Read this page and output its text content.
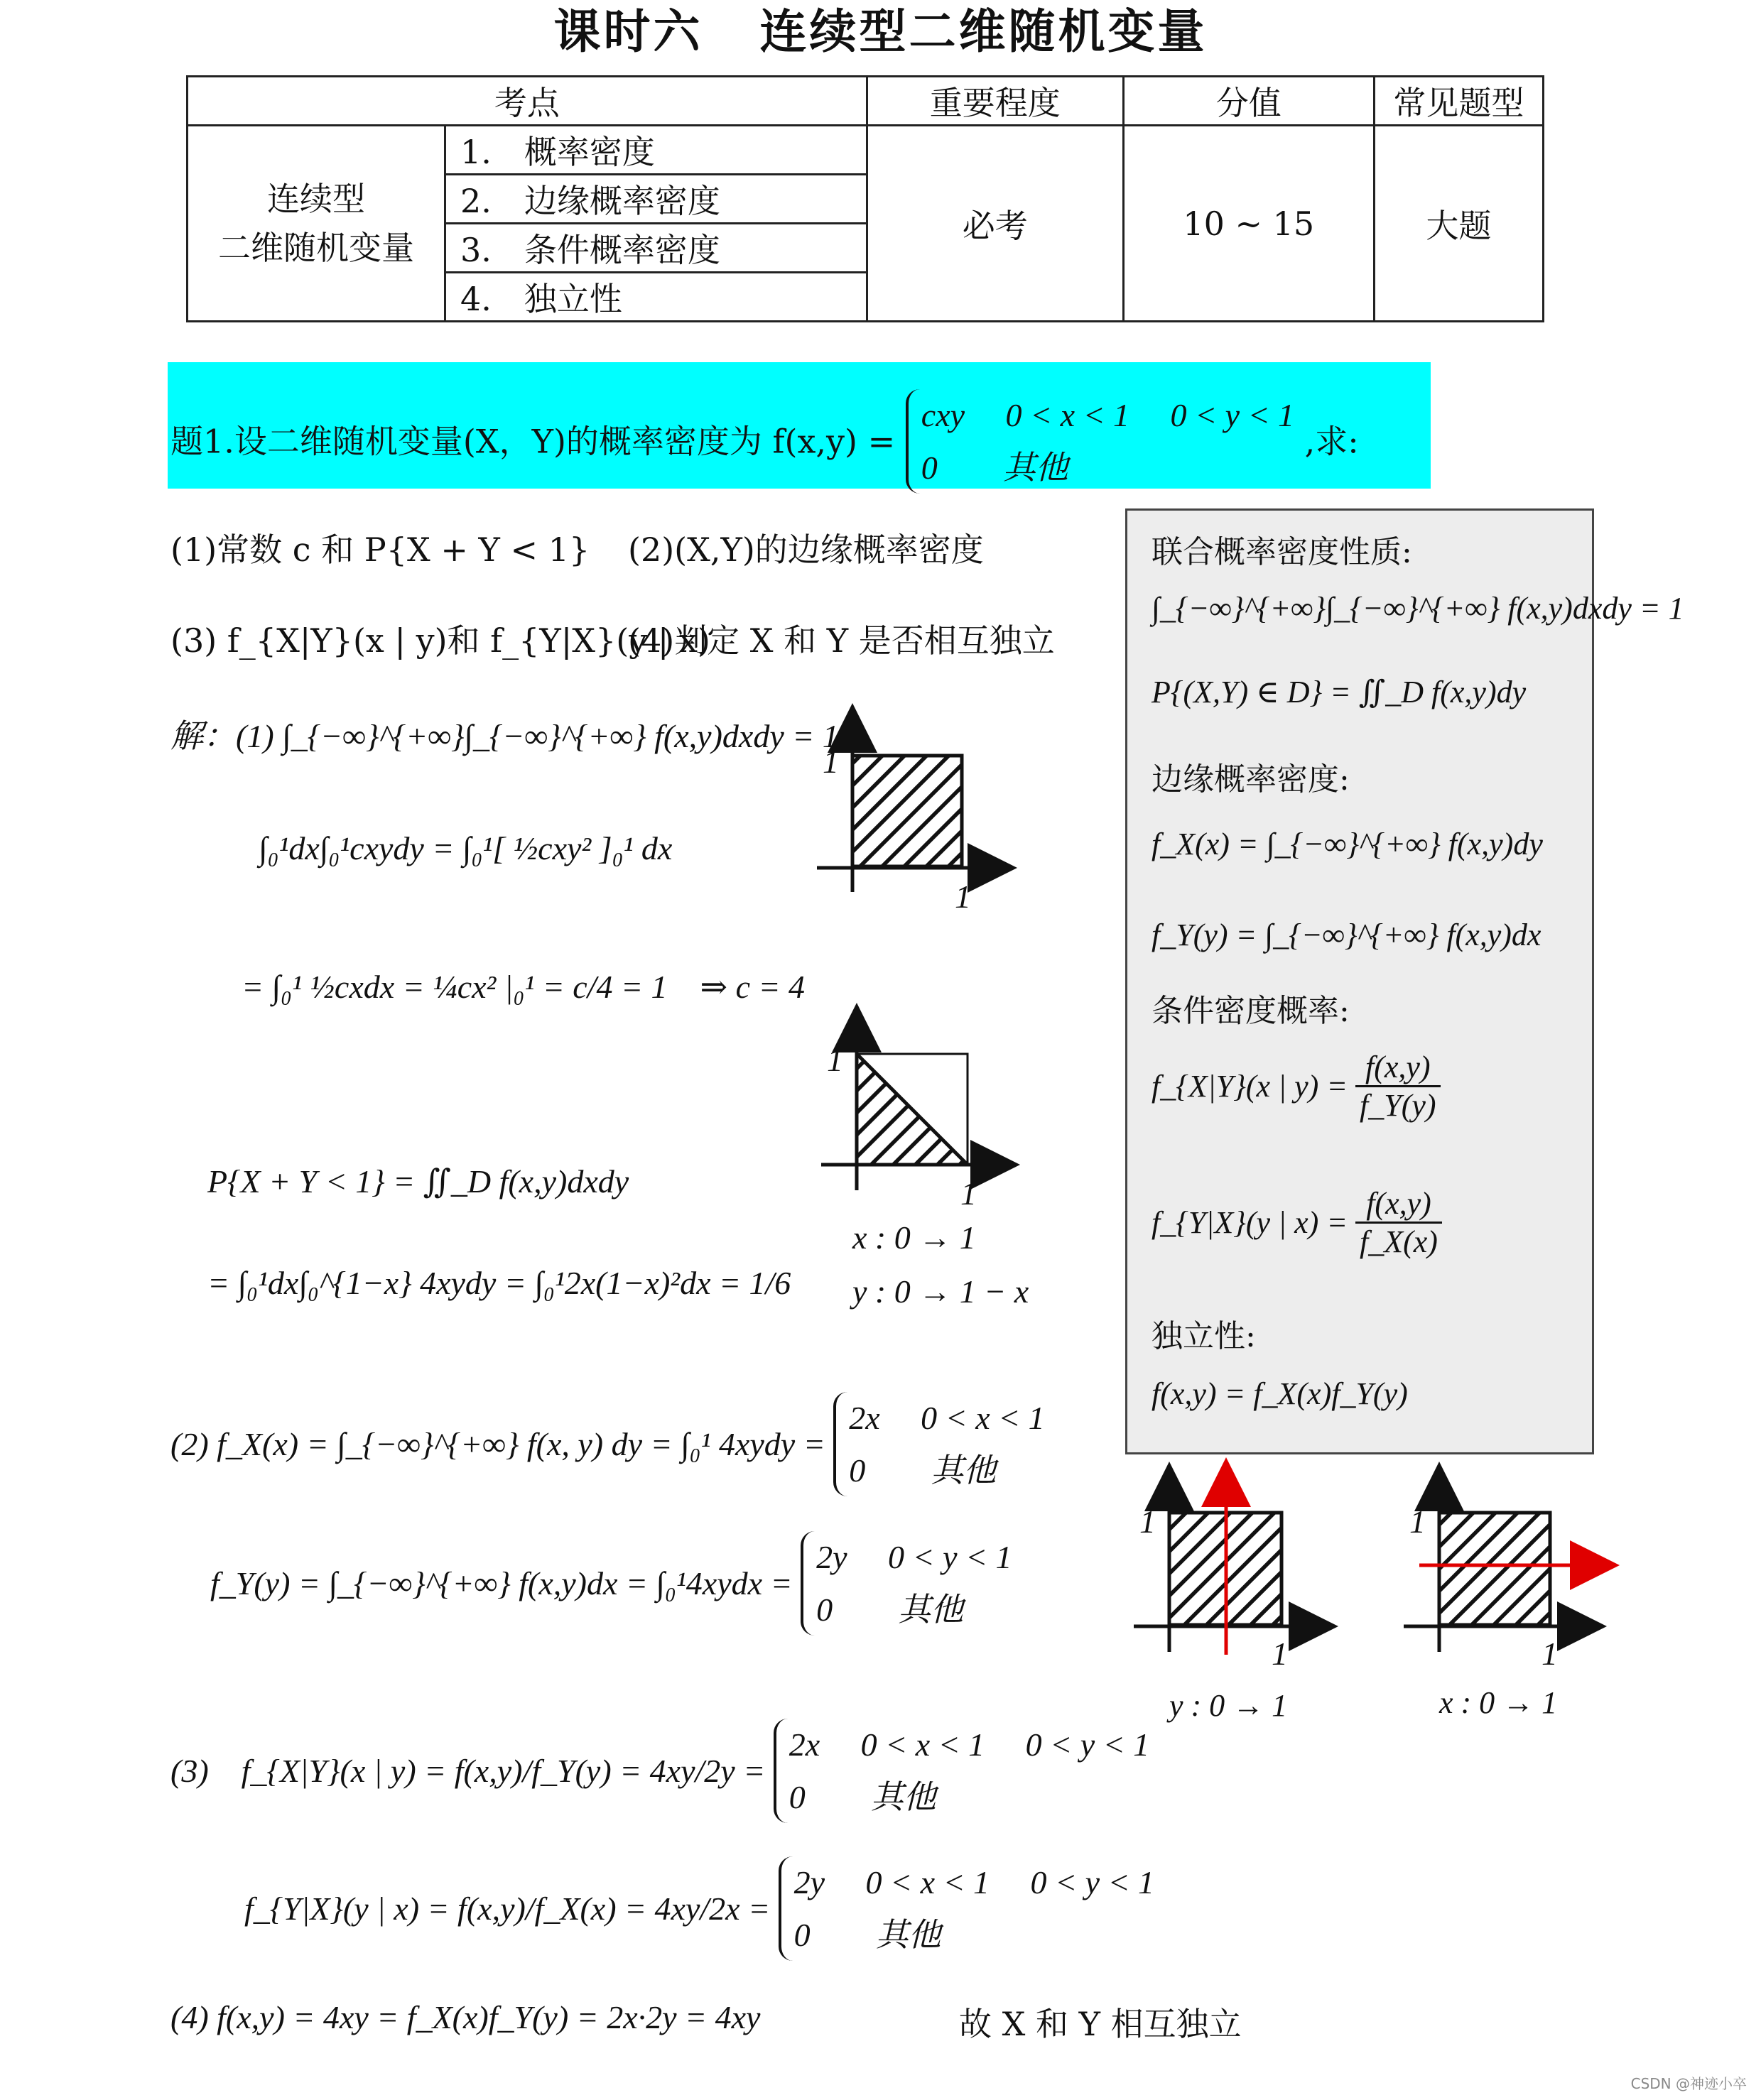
课时六 连续型二维随机变量
考点		重要程度	分值	常见题型

连续型
二维随机变量	1.　概率密度	必考	10 ~ 15	大题
	2.　边缘概率密度			
	3.　条件概率密度			
	4.　独立性			
题1.设二维随机变量(X，Y)的概率密度为 f(x,y) =
cxy  0 < x < 1  0 < y < 1
0  其他
,求:
(1)常数 c 和 P{X + Y < 1} (2)(X,Y)的边缘概率密度
(3) f_{X|Y}(x | y)和 f_{Y|X}(y | x)
(4)判定 X 和 Y 是否相互独立
解：(1) ∫_{−∞}^{+∞}∫_{−∞}^{+∞} f(x,y)dxdy = 1
∫₀¹dx∫₀¹cxydy = ∫₀¹[ ½cxy² ]₀¹ dx
= ∫₀¹ ½cxdx = ¼cx² |₀¹ = c/4 = 1 ⇒ c = 4
P{X + Y < 1} = ∬_D f(x,y)dxdy
= ∫₀¹dx∫₀^{1−x} 4xydy = ∫₀¹2x(1−x)²dx = 1/6
(2) f_X(x) = ∫_{−∞}^{+∞} f(x, y) dy = ∫₀¹ 4xydy =
2x  0 < x < 1
0  其他
f_Y(y) = ∫_{−∞}^{+∞} f(x,y)dx = ∫₀¹4xydx =
2y  0 < y < 1
0  其他
(3) f_{X|Y}(x | y) = f(x,y)/f_Y(y) = 4xy/2y =
2x  0 < x < 1  0 < y < 1
0  其他
f_{Y|X}(y | x) = f(x,y)/f_X(x) = 4xy/2x =
2y  0 < x < 1  0 < y < 1
0  其他
(4) f(x,y) = 4xy = f_X(x)f_Y(y) = 2x·2y = 4xy	故 X 和 Y 相互独立
1
1
1
1
x : 0 → 1
y : 0 → 1 − x
1
1
y : 0 → 1
1
1
x : 0 → 1
联合概率密度性质:
∫_{−∞}^{+∞}∫_{−∞}^{+∞} f(x,y)dxdy = 1
P{(X,Y) ∈ D} = ∬_D f(x,y)dy
边缘概率密度:
f_X(x) = ∫_{−∞}^{+∞} f(x,y)dy
f_Y(y) = ∫_{−∞}^{+∞} f(x,y)dx
条件密度概率:
f_{X|Y}(x | $y) = \frac{f(x,y)}{f\_Y(y)}$
f_{Y|X}(y | $x) = \frac{f(x,y)}{f\_X(x)}$
独立性:
f(x,y) = f_X(x)f_Y(y)
CSDN @神迹小卒
